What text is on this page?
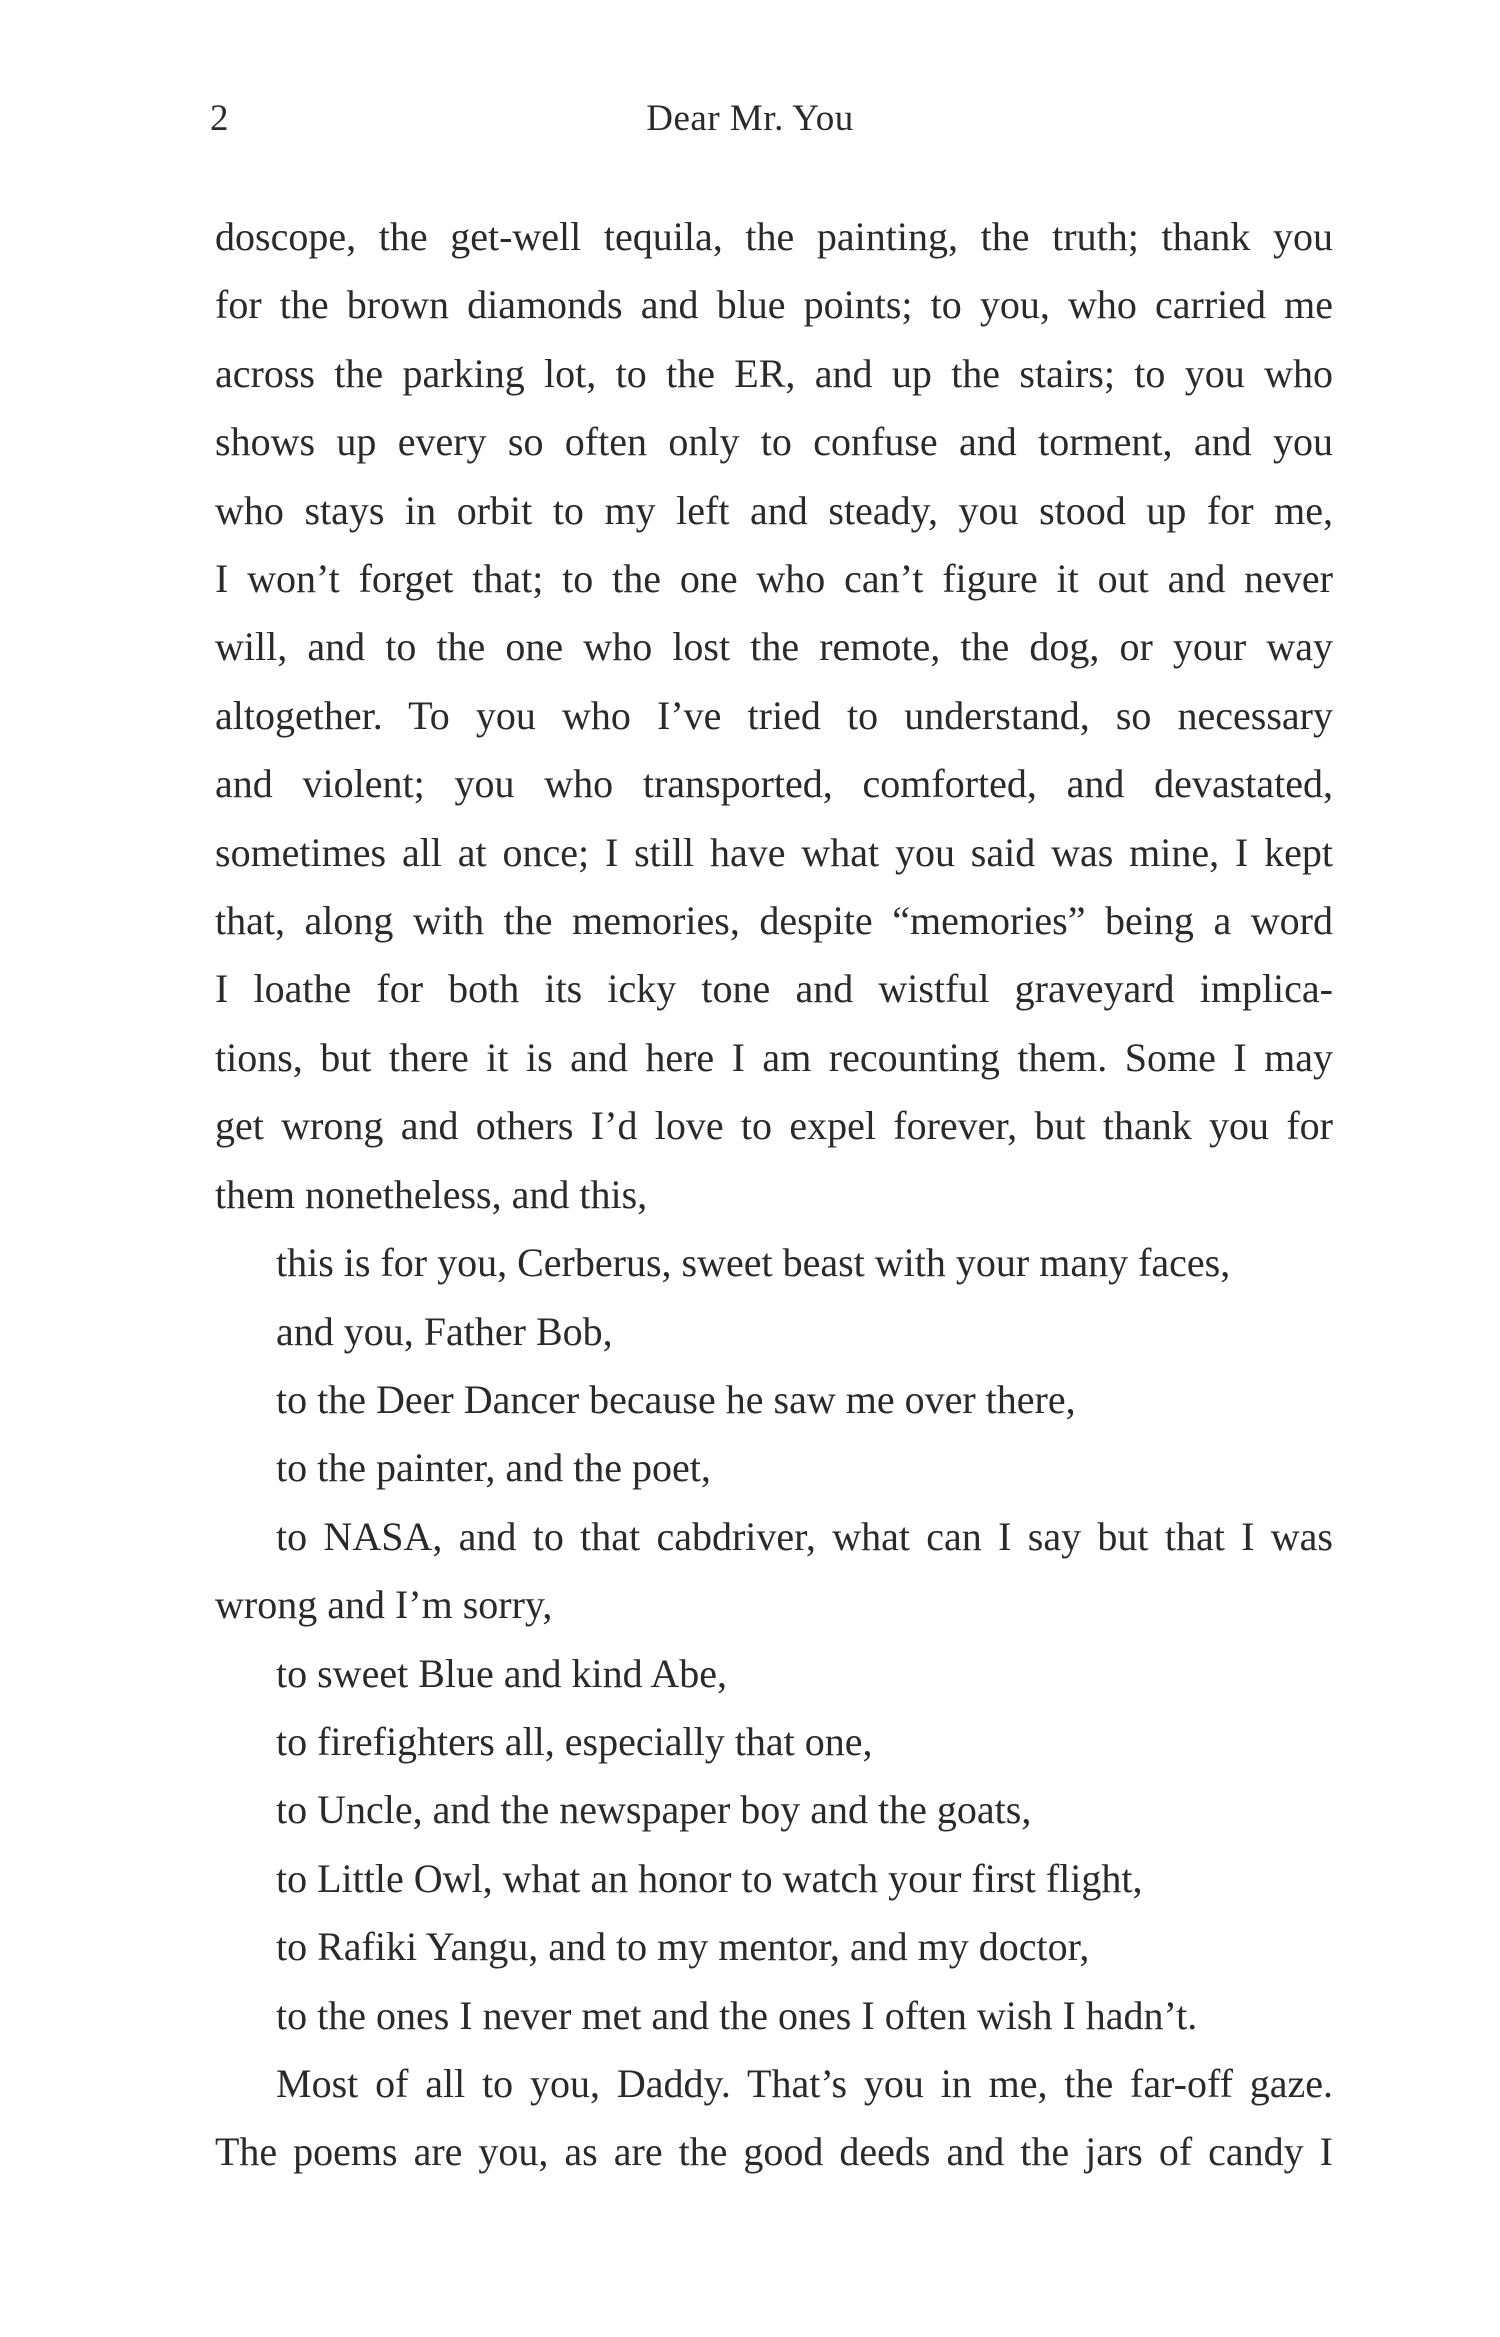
2	Dear Mr. You
doscope, the get-well tequila, the painting, the truth; thank you
for the brown diamonds and blue points; to you, who carried me
across the parking lot, to the ER, and up the stairs; to you who
shows up every so often only to confuse and torment, and you
who stays in orbit to my left and steady, you stood up for me,
I won’t forget that; to the one who can’t figure it out and never
will, and to the one who lost the remote, the dog, or your way
altogether. To you who I’ve tried to understand, so necessary
and violent; you who transported, comforted, and devastated,
sometimes all at once; I still have what you said was mine, I kept
that, along with the memories, despite “memories” being a word
I loathe for both its icky tone and wistful graveyard implica-
tions, but there it is and here I am recounting them. Some I may
get wrong and others I’d love to expel forever, but thank you for
them nonetheless, and this,
this is for you, Cerberus, sweet beast with your many faces,
and you, Father Bob,
to the Deer Dancer because he saw me over there,
to the painter, and the poet,
to NASA, and to that cabdriver, what can I say but that I was
wrong and I’m sorry,
to sweet Blue and kind Abe,
to firefighters all, especially that one,
to Uncle, and the newspaper boy and the goats,
to Little Owl, what an honor to watch your first flight,
to Rafiki Yangu, and to my mentor, and my doctor,
to the ones I never met and the ones I often wish I hadn’t.
Most of all to you, Daddy. That’s you in me, the far-off gaze.
The poems are you, as are the good deeds and the jars of candy I
